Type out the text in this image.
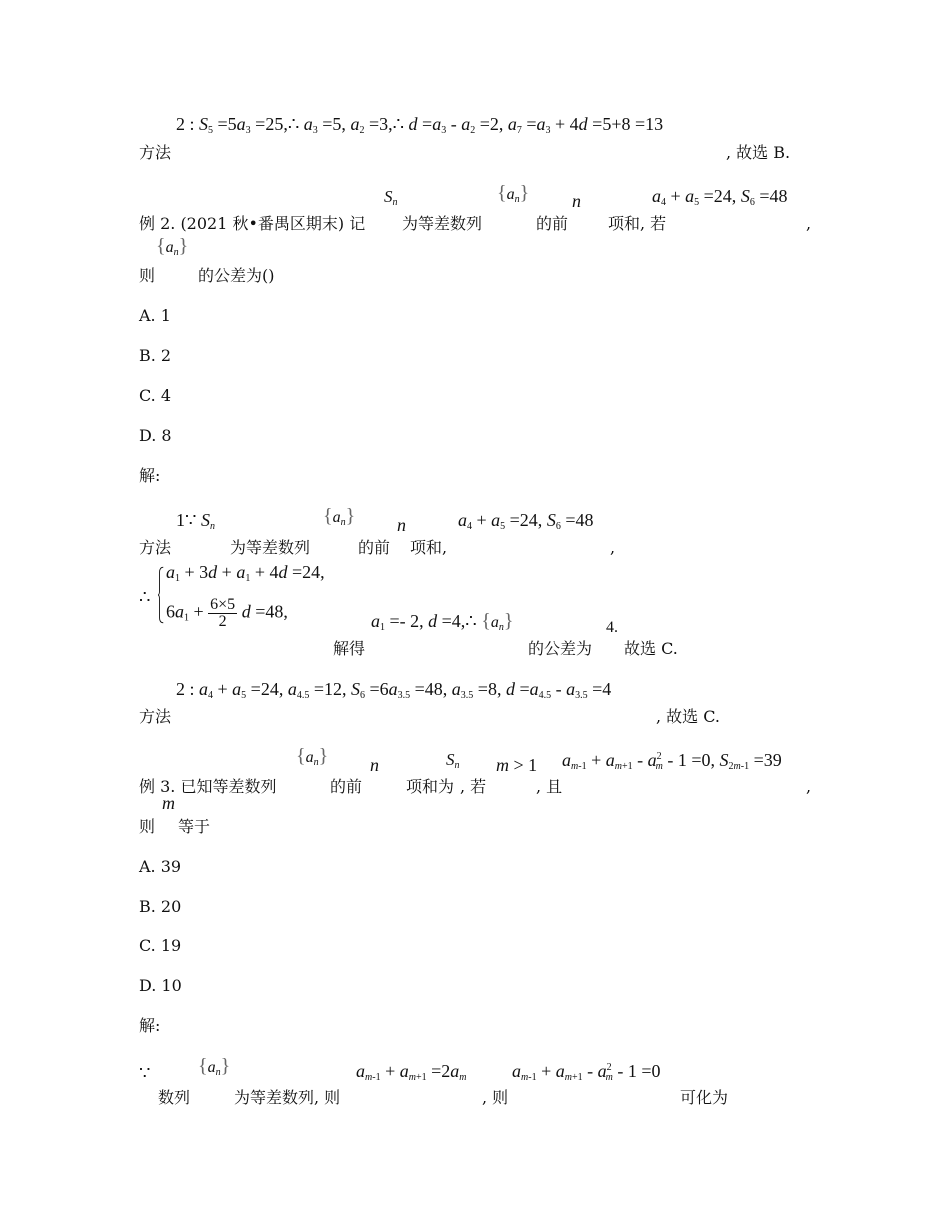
2 : $S_5 =5a_3$ =25,∴ $a_3 =5$, $a_2$ =3,∴ $d =a_3 - a_2 =2$, $a_7 =a_3 + 4d =5+8 =13$
方法	, 故选 B.
$S_n$	$\{a_n\}$ n	$a_4 + a_5 =24$, $S_6 =48$
例 2. (2021 秋•番禺区期末) 记 为等差数列	的前 项和, 若	,
$\{a_n\}$
则	的公差为()
A. 1
B. 2
C. 4
D. 8
解:
1∵ $S_n$	$\{a_n\}$ n	$a_4 + a_5 =24$, $S_6 =48$
方法	为等差数列	的前 项和,	,
∴
$a_1 + 3d + a_1 + 4d =24$,
$6a_1 + \frac{6\times 5}{2}$ d =48,	$a_1 =- 2$, d =4,∴ $\{a_n\}$	4.
解得	的公差为 故选 C.
2 : $a_4 + a_5 =24$, $a_{4.5} =12$, $S_6 =6a_{3.5} =48$, $a_{3.5} =8$, $d =a_{4.5} - a_{3.5} =4$
方法	, 故选 C.
$\{a_n\}$ n	$S_n$ m > 1 $a_{m-1} + a_{m+1} - a^2_m - 1 =0$, $S_{2m-1} =39$
例 3. 已知等差数列	的前	项和为 , 若	, 且	,
m
则 等于
A. 39
B. 20
C. 19
D. 10
解:
∵ $\{a_n\}$	$a_{m-1} + a_{m+1} =2a_m$	$a_{m-1} + a_{m+1} - a^2_m - 1 =0$
数列	为等差数列, 则	, 则	可化为
